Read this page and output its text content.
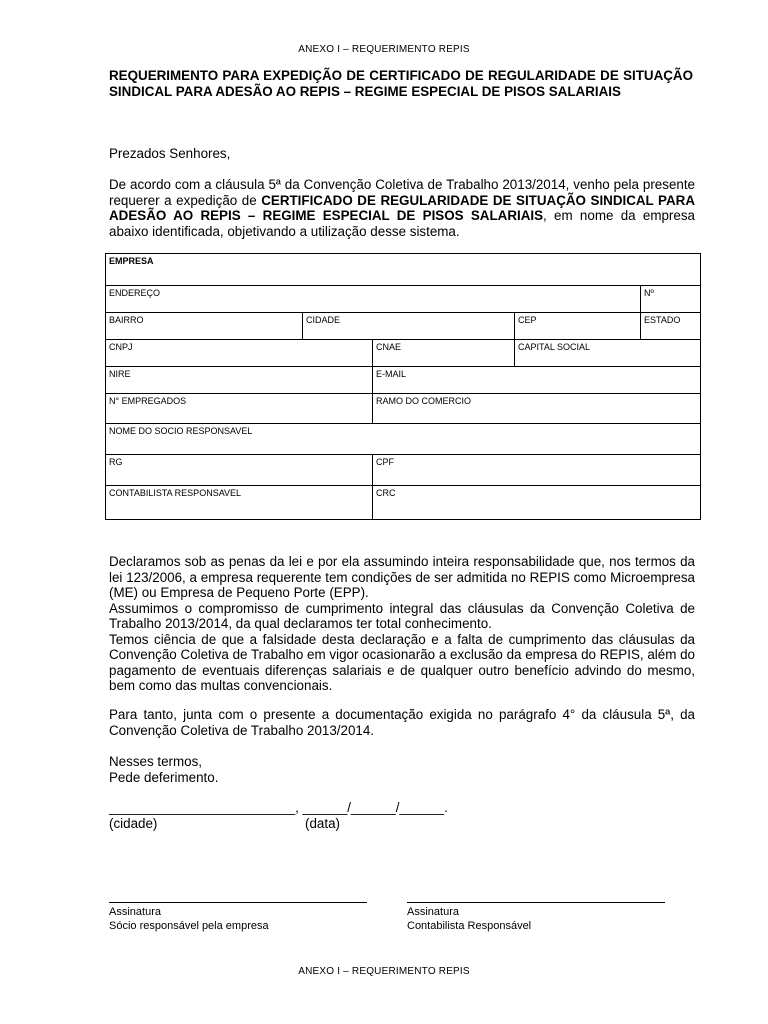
ANEXO I – REQUERIMENTO REPIS
REQUERIMENTO PARA EXPEDIÇÃO DE CERTIFICADO DE REGULARIDADE DE SITUAÇÃO SINDICAL PARA ADESÃO AO REPIS – REGIME ESPECIAL DE PISOS SALARIAIS
Prezados Senhores,
De acordo com a cláusula 5ª da Convenção Coletiva de Trabalho 2013/2014, venho pela presente requerer a expedição de CERTIFICADO DE REGULARIDADE DE SITUAÇÃO SINDICAL PARA ADESÃO AO REPIS – REGIME ESPECIAL DE PISOS SALARIAIS, em nome da empresa abaixo identificada, objetivando a utilização desse sistema.
EMPRESA				
ENDEREÇO				Nº
BAIRRO	CIDADE		CEP	ESTADO
CNPJ		CNAE	CAPITAL SOCIAL	
NIRE		E-MAIL		
N° EMPREGADOS		RAMO DO COMERCIO		
NOME DO SOCIO RESPONSAVEL				
RG		CPF		
CONTABILISTA RESPONSAVEL		CRC		
Declaramos sob as penas da lei e por ela assumindo inteira responsabilidade que, nos termos da lei 123/2006, a empresa requerente tem condições de ser admitida no REPIS como Microempresa (ME) ou Empresa de Pequeno Porte (EPP).
Assumimos o compromisso de cumprimento integral das cláusulas da Convenção Coletiva de Trabalho 2013/2014, da qual declaramos ter total conhecimento.
Temos ciência de que a falsidade desta declaração e a falta de cumprimento das cláusulas da Convenção Coletiva de Trabalho em vigor ocasionarão a exclusão da empresa do REPIS, além do pagamento de eventuais diferenças salariais e de qualquer outro benefício advindo do mesmo, bem como das multas convencionais.
Para tanto, junta com o presente a documentação exigida no parágrafo 4° da cláusula 5ª, da Convenção Coletiva de Trabalho 2013/2014.
Nesses termos,
Pede deferimento.
_________________________, ______/______/______.
(cidade)	(data)
Assinatura
Sócio responsável pela empresa
Assinatura
Contabilista Responsável
ANEXO I – REQUERIMENTO REPIS
